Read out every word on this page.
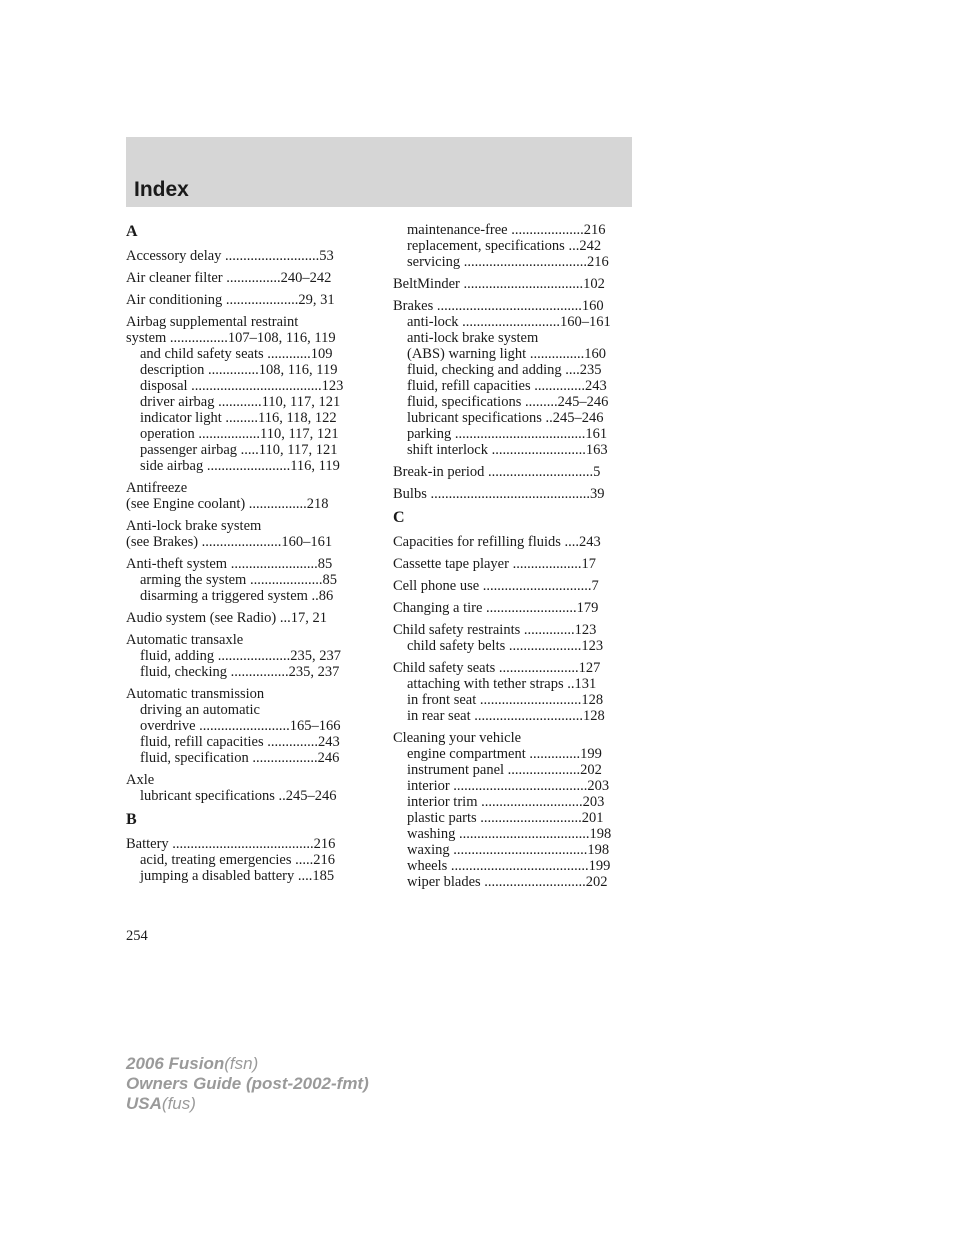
Index
A
Accessory delay ..........................53
Air cleaner filter ...............240–242
Air conditioning ....................29, 31
Airbag supplemental restraint
system ................107–108, 116, 119
and child safety seats ............109
description ..............108, 116, 119
disposal ....................................123
driver airbag ............110, 117, 121
indicator light .........116, 118, 122
operation .................110, 117, 121
passenger airbag .....110, 117, 121
side airbag .......................116, 119
Antifreeze
(see Engine coolant) ................218
Anti-lock brake system
(see Brakes) ......................160–161
Anti-theft system ........................85
arming the system ....................85
disarming a triggered system ..86
Audio system (see Radio) ...17, 21
Automatic transaxle
fluid, adding ....................235, 237
fluid, checking ................235, 237
Automatic transmission
driving an automatic
overdrive .........................165–166
fluid, refill capacities ..............243
fluid, specification ..................246
Axle
lubricant specifications ..245–246
B
Battery .......................................216
acid, treating emergencies .....216
jumping a disabled battery ....185
maintenance-free ....................216
replacement, specifications ...242
servicing ..................................216
BeltMinder .................................102
Brakes ........................................160
anti-lock ...........................160–161
anti-lock brake system
(ABS) warning light ...............160
fluid, checking and adding ....235
fluid, refill capacities ..............243
fluid, specifications .........245–246
lubricant specifications ..245–246
parking ....................................161
shift interlock ..........................163
Break-in period .............................5
Bulbs ............................................39
C
Capacities for refilling fluids ....243
Cassette tape player ...................17
Cell phone use ..............................7
Changing a tire .........................179
Child safety restraints ..............123
child safety belts ....................123
Child safety seats ......................127
attaching with tether straps ..131
in front seat ............................128
in rear seat ..............................128
Cleaning your vehicle
engine compartment ..............199
instrument panel ....................202
interior .....................................203
interior trim ............................203
plastic parts ............................201
washing ....................................198
waxing .....................................198
wheels ......................................199
wiper blades ............................202
254
2006 Fusion(fsn)
Owners Guide (post-2002-fmt)
USA(fus)
